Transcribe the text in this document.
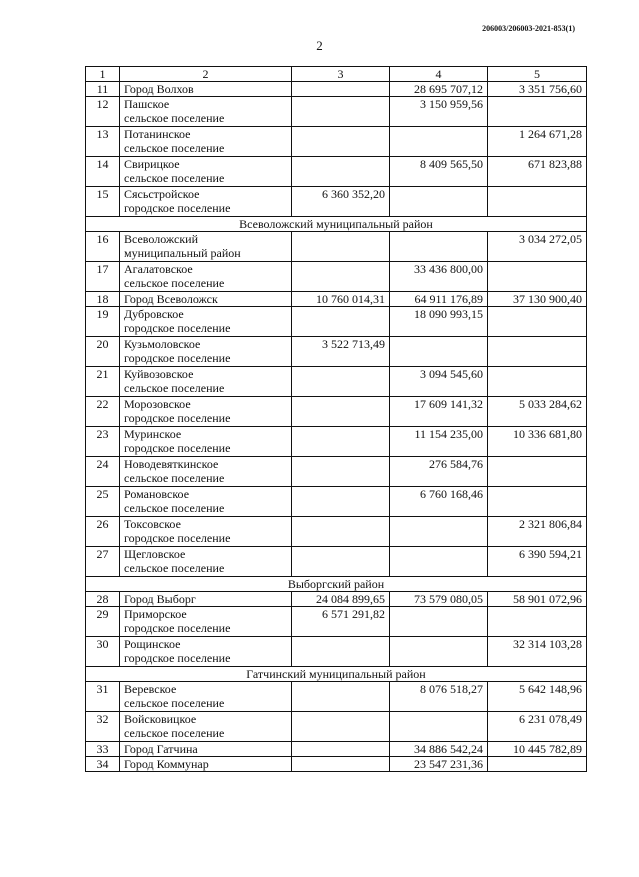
206003/206003-2021-853(1)
2
1	2	3	4	5
11	Город Волхов		28 695 707,12	3 351 756,60
12	Пашское
сельское поселение		3 150 959,56	
13	Потанинское
сельское поселение			1 264 671,28
14	Свирицкое
сельское поселение		8 409 565,50	671 823,88
15	Сясьстройское
городское поселение	6 360 352,20		
Всеволожский муниципальный район				
16	Всеволожский
муниципальный район			3 034 272,05
17	Агалатовское
сельское поселение		33 436 800,00	
18	Город Всеволожск	10 760 014,31	64 911 176,89	37 130 900,40
19	Дубровское
городское поселение		18 090 993,15	
20	Кузьмоловское
городское поселение	3 522 713,49		
21	Куйвозовское
сельское поселение		3 094 545,60	
22	Морозовское
городское поселение		17 609 141,32	5 033 284,62
23	Муринское
городское поселение		11 154 235,00	10 336 681,80
24	Новодевяткинское
сельское поселение		276 584,76	
25	Романовское
сельское поселение		6 760 168,46	
26	Токсовское
городское поселение			2 321 806,84
27	Щегловское
сельское поселение			6 390 594,21
Выборгский район				
28	Город Выборг	24 084 899,65	73 579 080,05	58 901 072,96
29	Приморское
городское поселение	6 571 291,82		
30	Рощинское
городское поселение			32 314 103,28
Гатчинский муниципальный район				
31	Веревское
сельское поселение		8 076 518,27	5 642 148,96
32	Войсковицкое
сельское поселение			6 231 078,49
33	Город Гатчина		34 886 542,24	10 445 782,89
34	Город Коммунар		23 547 231,36	
